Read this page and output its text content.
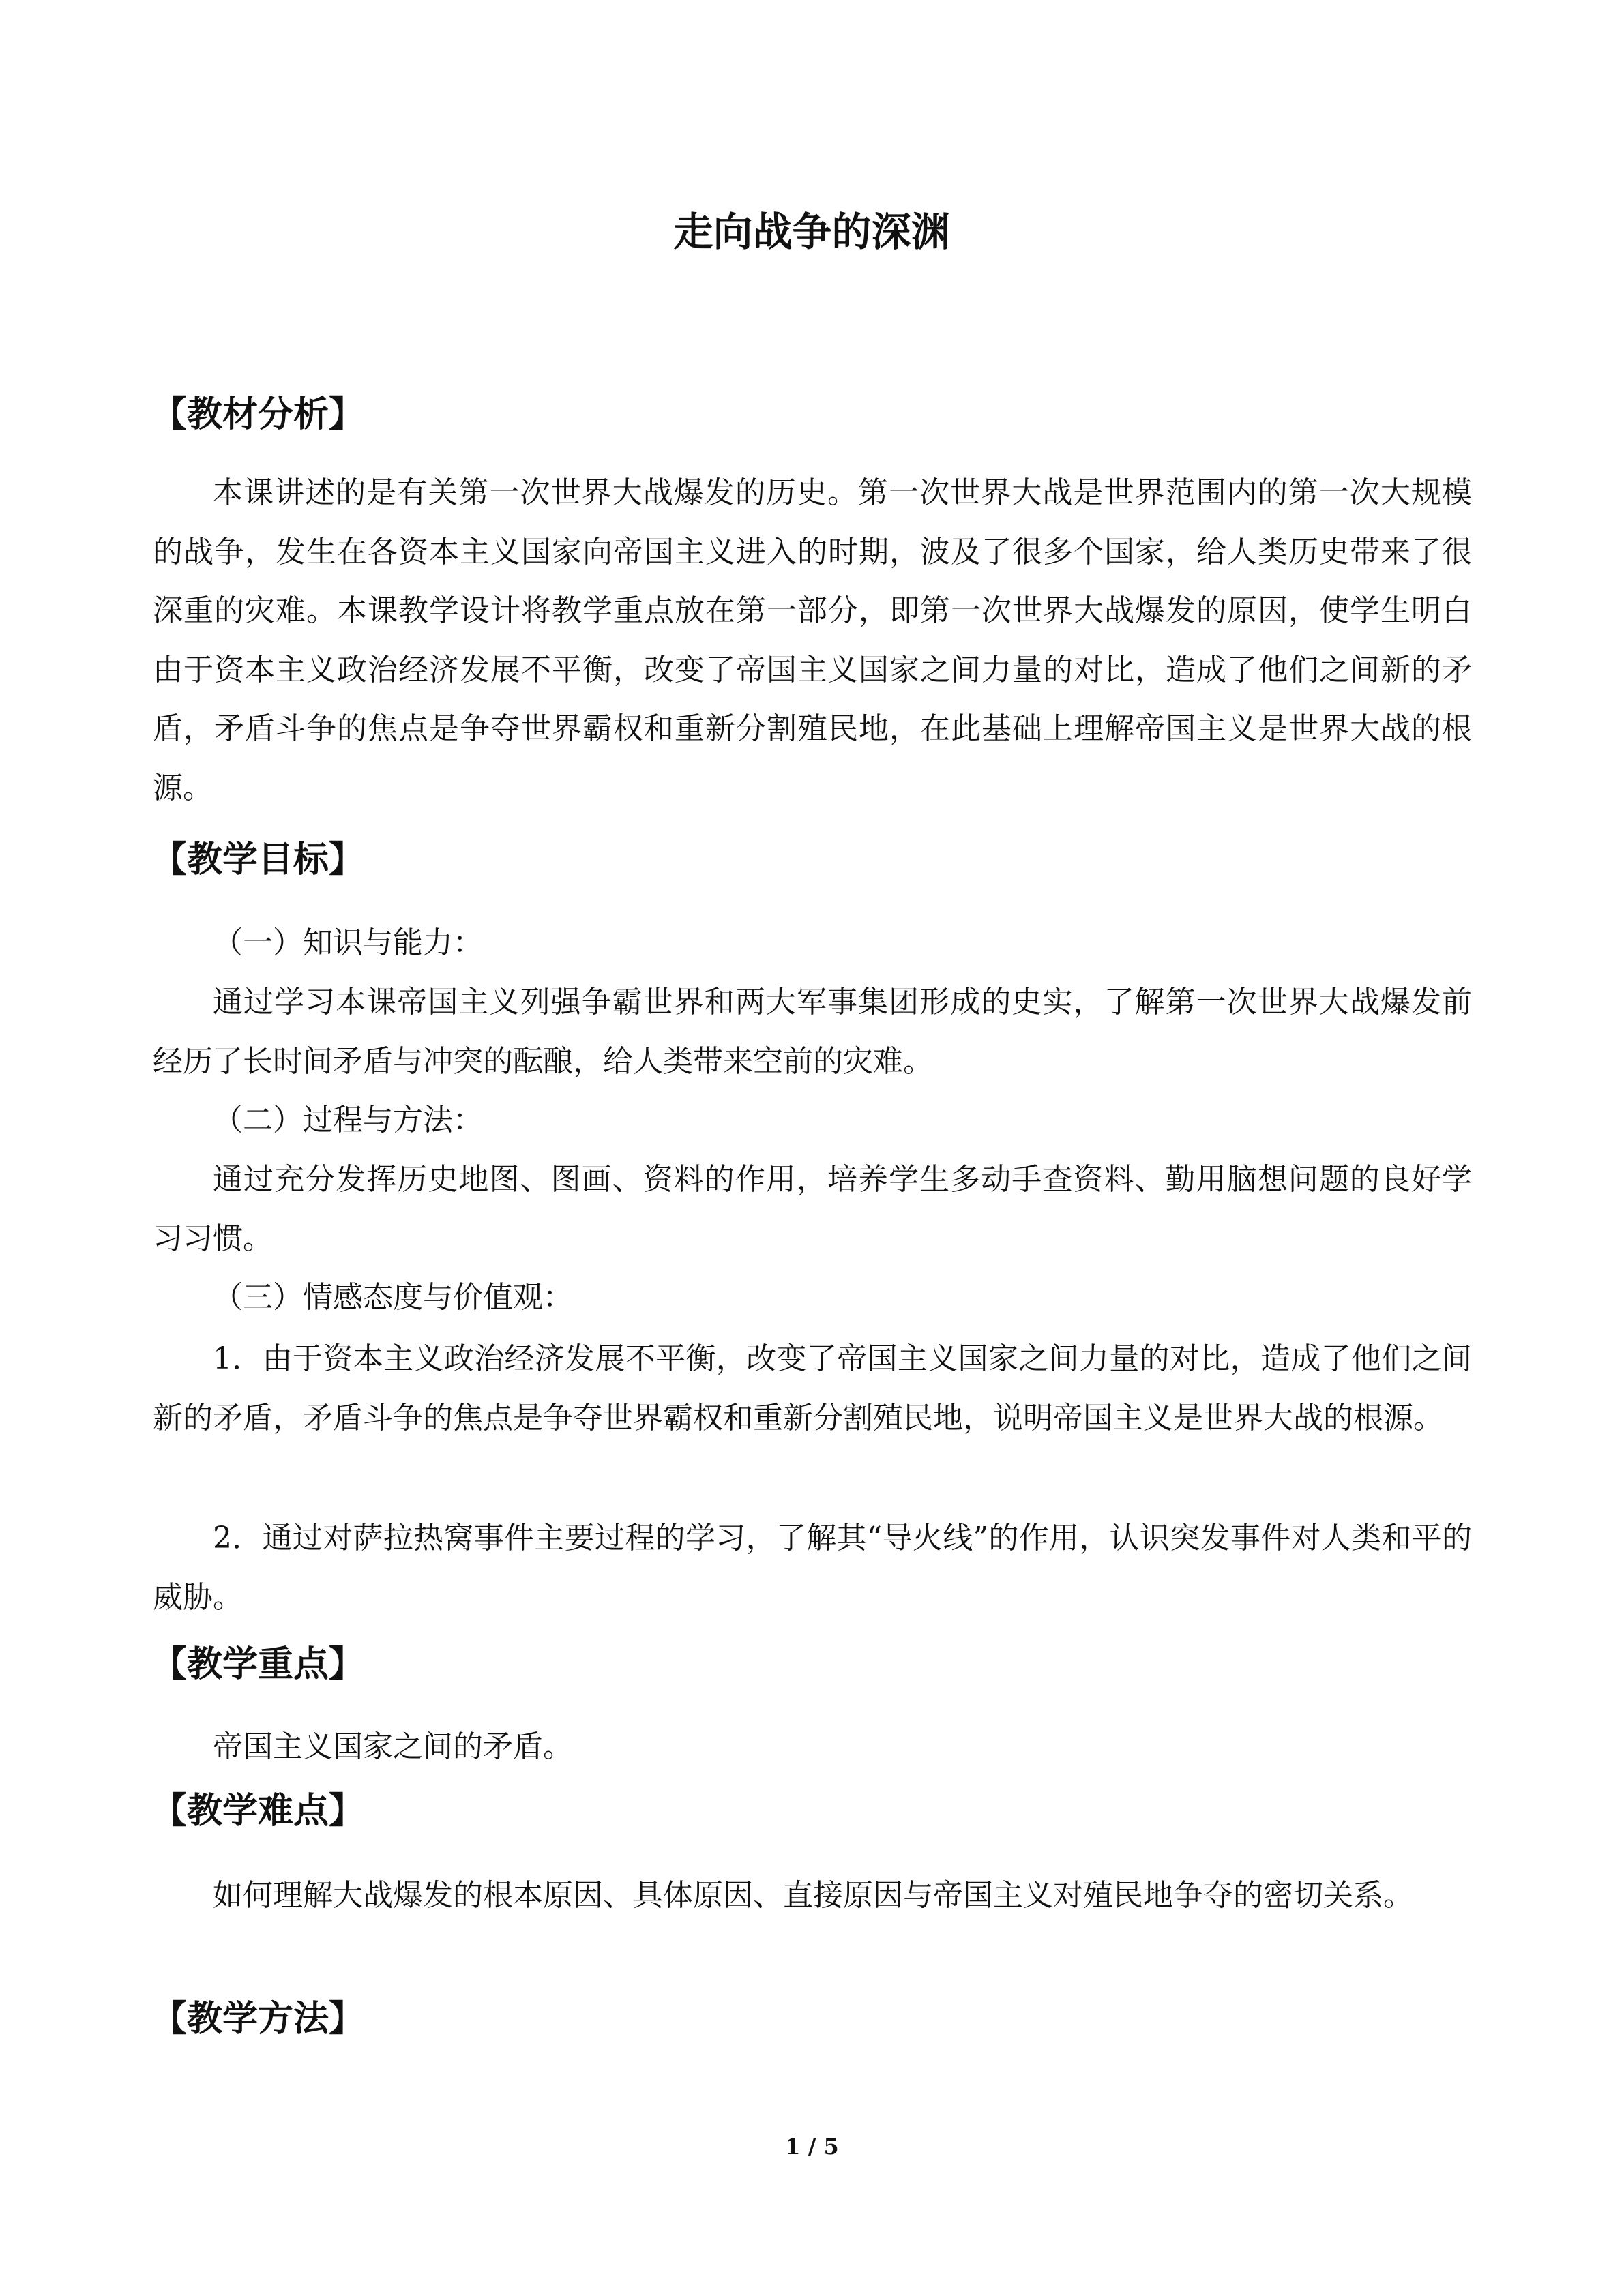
走向战争的深渊
【教材分析】
本课讲述的是有关第一次世界大战爆发的历史。第一次世界大战是世界范围内的第一次大规模的战争，发生在各资本主义国家向帝国主义进入的时期，波及了很多个国家，给人类历史带来了很深重的灾难。本课教学设计将教学重点放在第一部分，即第一次世界大战爆发的原因，使学生明白由于资本主义政治经济发展不平衡，改变了帝国主义国家之间力量的对比，造成了他们之间新的矛盾，矛盾斗争的焦点是争夺世界霸权和重新分割殖民地，在此基础上理解帝国主义是世界大战的根源。
【教学目标】
（一）知识与能力：
通过学习本课帝国主义列强争霸世界和两大军事集团形成的史实，了解第一次世界大战爆发前经历了长时间矛盾与冲突的酝酿，给人类带来空前的灾难。
（二）过程与方法：
通过充分发挥历史地图、图画、资料的作用，培养学生多动手查资料、勤用脑想问题的良好学习习惯。
（三）情感态度与价值观：
1．由于资本主义政治经济发展不平衡，改变了帝国主义国家之间力量的对比，造成了他们之间新的矛盾，矛盾斗争的焦点是争夺世界霸权和重新分割殖民地，说明帝国主义是世界大战的根源。
2．通过对萨拉热窝事件主要过程的学习，了解其“导火线”的作用，认识突发事件对人类和平的威胁。
【教学重点】
帝国主义国家之间的矛盾。
【教学难点】
如何理解大战爆发的根本原因、具体原因、直接原因与帝国主义对殖民地争夺的密切关系。
【教学方法】
1 / 5
